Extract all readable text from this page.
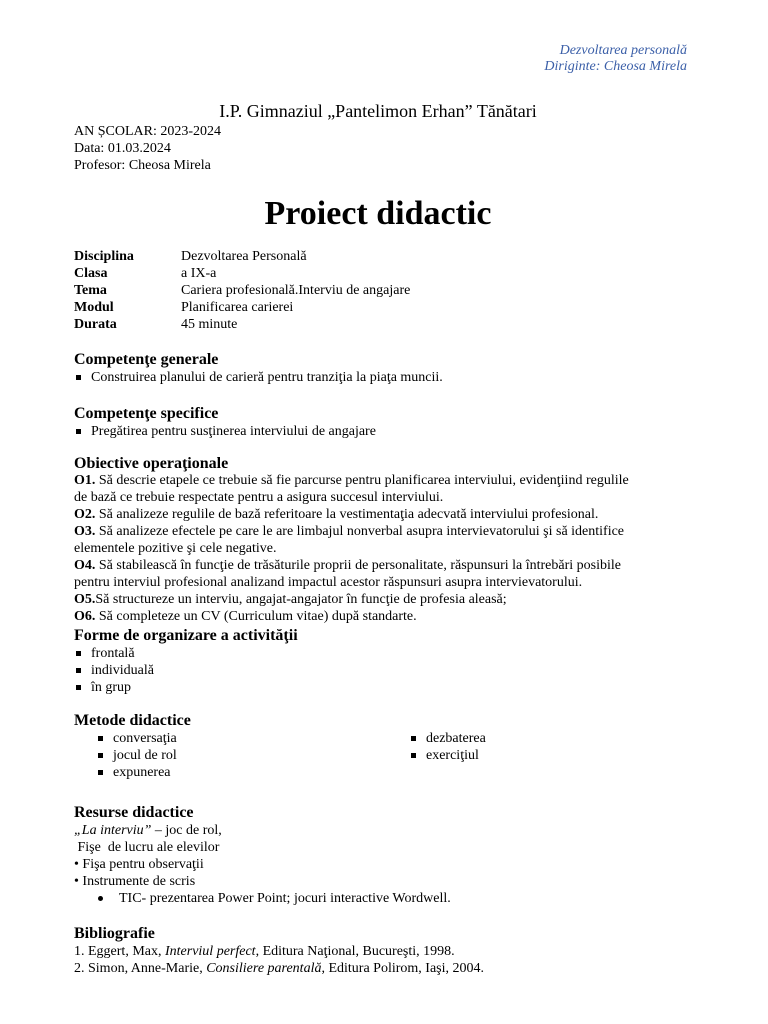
Dezvoltarea personală
Diriginte: Cheosa Mirela
I.P. Gimnaziul „Pantelimon Erhan” Tănătari
AN ȘCOLAR: 2023-2024
Data: 01.03.2024
Profesor: Cheosa Mirela
Proiect didactic
Disciplina	Dezvoltarea Personală
Clasa	a IX-a
Tema	Cariera profesională.Interviu de angajare
Modul	Planificarea carierei
Durata	45 minute
Competenţe generale
Construirea planului de carieră pentru tranziţia la piaţa muncii.
Competenţe specifice
Pregătirea pentru susţinerea interviului de angajare
Obiective operaţionale
O1. Să descrie etapele ce trebuie să fie parcurse pentru planificarea interviului, evidenţiind regulile
de bază ce trebuie respectate pentru a asigura succesul interviului.
O2. Să analizeze regulile de bază referitoare la vestimentaţia adecvată interviului profesional.
O3. Să analizeze efectele pe care le are limbajul nonverbal asupra intervievatorului şi să identifice
elementele pozitive şi cele negative.
O4. Să stabilească în funcţie de trăsăturile proprii de personalitate, răspunsuri la întrebări posibile
pentru interviul profesional analizand impactul acestor răspunsuri asupra intervievatorului.
O5.Să structureze un interviu, angajat-angajator în funcţie de profesia aleasă;
O6. Să completeze un CV (Curriculum vitae) după standarte.
Forme de organizare a activităţii
frontală
individuală
în grup
Metode didactice
conversaţia
jocul de rol
expunerea
dezbaterea
exerciţiul
Resurse didactice
„La interviu” – joc de rol,
Fişe  de lucru ale elevilor
• Fişa pentru observaţii
• Instrumente de scris
TIC- prezentarea Power Point; jocuri interactive Wordwell.
Bibliografie
1. Eggert, Max, Interviul perfect, Editura Naţional, Bucureşti, 1998.
2. Simon, Anne-Marie, Consiliere parentală, Editura Polirom, Iaşi, 2004.
